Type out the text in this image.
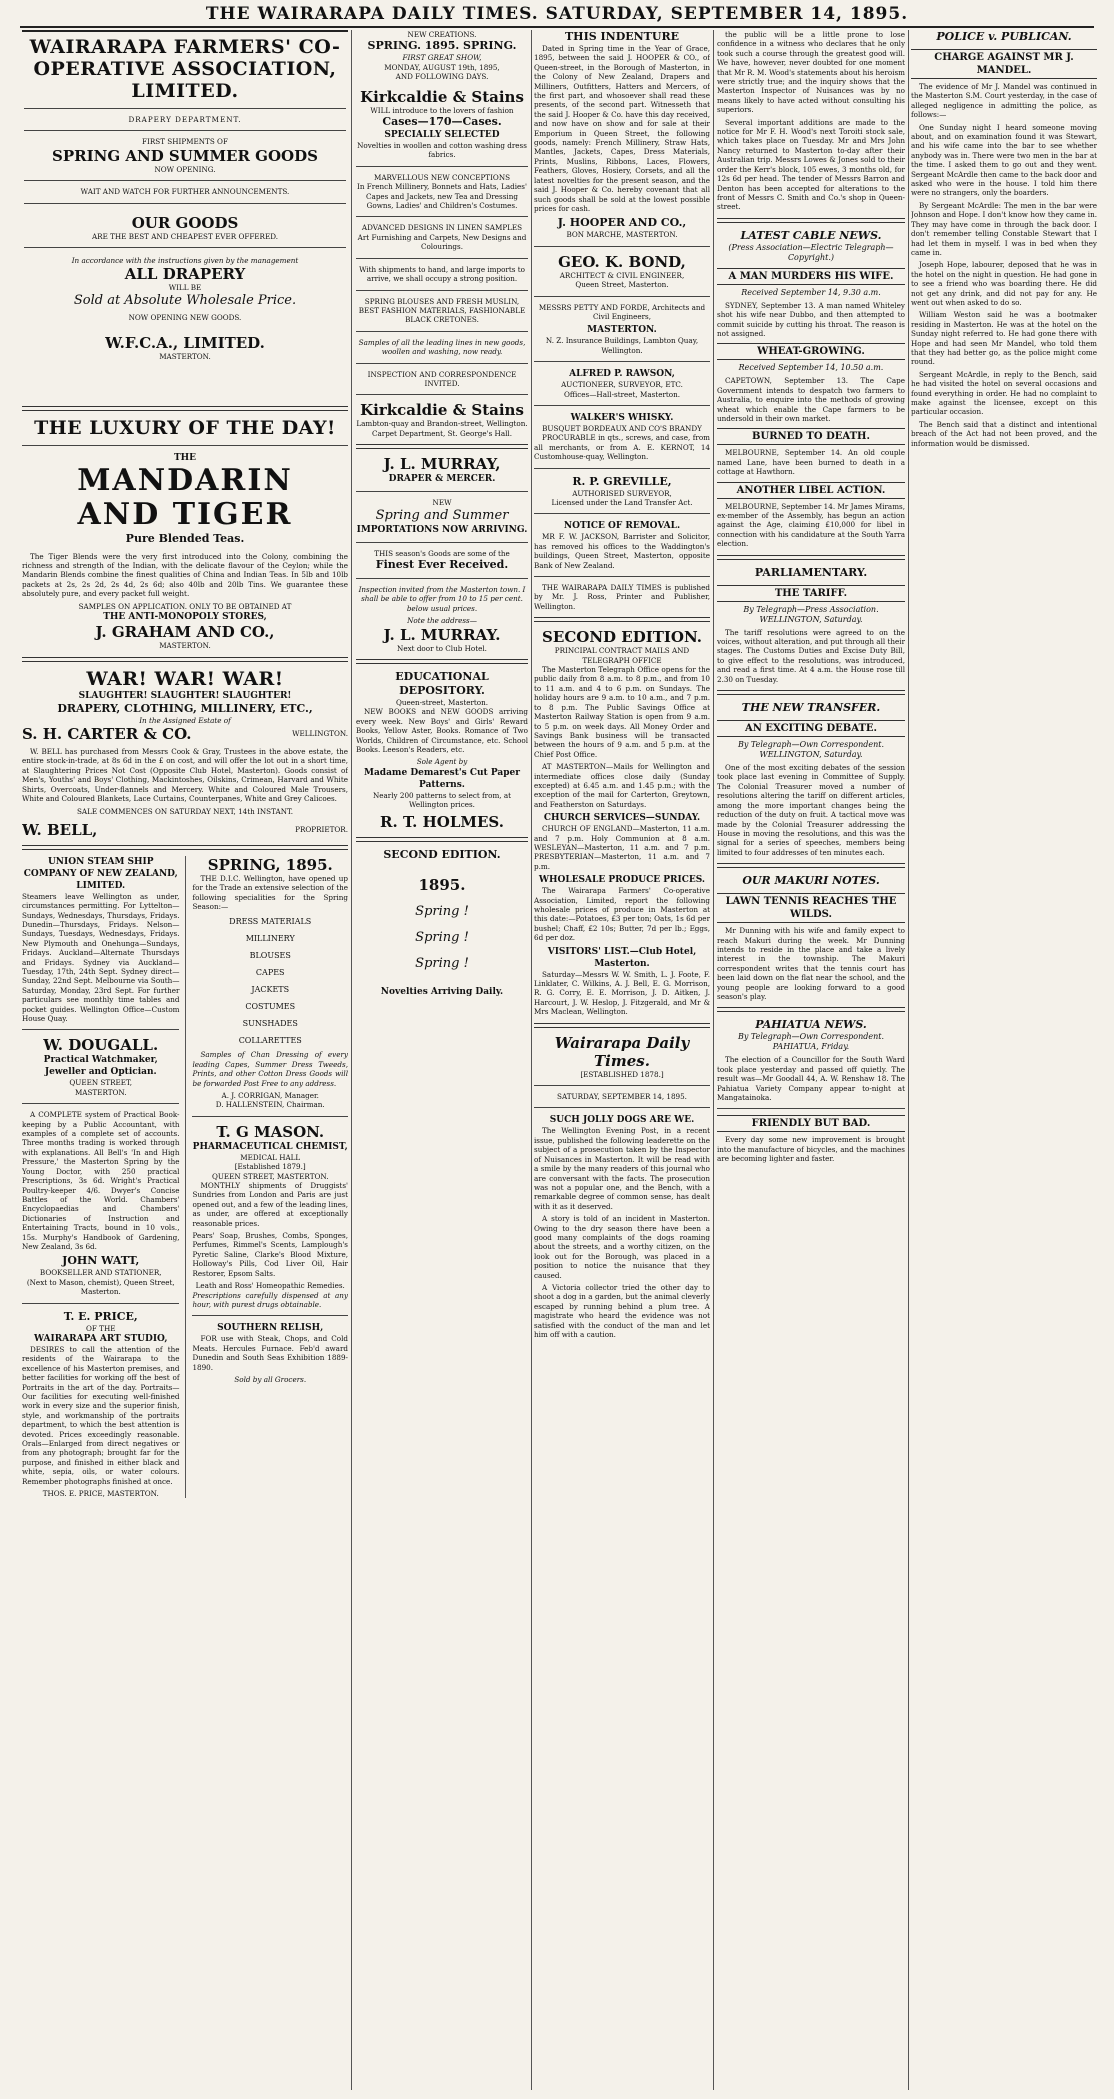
THE WAIRARAPA DAILY TIMES. SATURDAY, SEPTEMBER 14, 1895.
WAIRARAPA FARMERS' CO-OPERATIVE ASSOCIATION, LIMITED.
DRAPERY DEPARTMENT.
FIRST SHIPMENTS OF
SPRING AND SUMMER GOODS
NOW OPENING.
WAIT AND WATCH FOR FURTHER ANNOUNCEMENTS.
OUR GOODS
ARE THE BEST AND CHEAPEST EVER OFFERED.
In accordance with the instructions given by the management
ALL DRAPERY
WILL BE
Sold at Absolute Wholesale Price.
NOW OPENING NEW GOODS.
W.F.C.A., LIMITED.
MASTERTON.
THE LUXURY OF THE DAY!
THE
MANDARIN
AND TIGER
Pure Blended Teas.

The Tiger Blends were the very first introduced into the Colony, combining the richness and strength of the Indian, with the delicate flavour of the Ceylon; while the Mandarin Blends combine the finest qualities of China and Indian Teas. In 5lb and 10lb packets at 2s, 2s 2d, 2s 4d, 2s 6d; also 40lb and 20lb Tins. We guarantee these absolutely pure, and every packet full weight.

SAMPLES ON APPLICATION. ONLY TO BE OBTAINED AT
THE ANTI-MONOPOLY STORES,
J. GRAHAM AND CO.,
MASTERTON.
WAR! WAR! WAR!
SLAUGHTER! SLAUGHTER! SLAUGHTER!
DRAPERY, CLOTHING, MILLINERY, ETC.,
In the Assigned Estate of
S. H. CARTER & CO.	WELLINGTON.

W. BELL has purchased from Messrs Cook & Gray, Trustees in the above estate, the entire stock-in-trade, at 8s 6d in the £ on cost, and will offer the lot out in a short time, at Slaughtering Prices Not Cost (Opposite Club Hotel, Masterton). Goods consist of Men's, Youths' and Boys' Clothing, Mackintoshes, Oilskins, Crimean, Harvard and White Shirts, Overcoats, Under-flannels and Mercery. White and Coloured Male Trousers, White and Coloured Blankets, Lace Curtains, Counterpanes, White and Grey Calicoes.

SALE COMMENCES ON SATURDAY NEXT, 14th INSTANT.
W. BELL,	PROPRIETOR.
UNION STEAM SHIP COMPANY OF NEW ZEALAND, LIMITED.

Steamers leave Wellington as under, circumstances permitting. For Lyttelton—Sundays, Wednesdays, Thursdays, Fridays. Dunedin—Thursdays, Fridays. Nelson—Sundays, Tuesdays, Wednesdays, Fridays. New Plymouth and Onehunga—Sundays, Fridays. Auckland—Alternate Thursdays and Fridays. Sydney via Auckland—Tuesday, 17th, 24th Sept. Sydney direct—Sunday, 22nd Sept. Melbourne via South—Saturday, Monday, 23rd Sept. For further particulars see monthly time tables and pocket guides. Wellington Office—Custom House Quay.

W. DOUGALL.
Practical Watchmaker, Jeweller and Optician.
QUEEN STREET,
MASTERTON.

A COMPLETE system of Practical Book-keeping by a Public Accountant, with examples of a complete set of accounts. Three months trading is worked through with explanations. All Bell's 'In and High Pressure,' the Masterton Spring by the Young Doctor, with 250 practical Prescriptions, 3s 6d. Wright's Practical Poultry-keeper 4/6. Dwyer's Concise Battles of the World. Chambers' Encyclopaedias and Chambers' Dictionaries of Instruction and Entertaining Tracts, bound in 10 vols., 15s. Murphy's Handbook of Gardening, New Zealand, 3s 6d.

JOHN WATT,
BOOKSELLER AND STATIONER,
(Next to Mason, chemist), Queen Street, Masterton.
T. E. PRICE,
OF THE
WAIRARAPA ART STUDIO,

DESIRES to call the attention of the residents of the Wairarapa to the excellence of his Masterton premises, and better facilities for working off the best of Portraits in the art of the day. Portraits—Our facilities for executing well-finished work in every size and the superior finish, style, and workmanship of the portraits department, to which the best attention is devoted. Prices exceedingly reasonable. Orals—Enlarged from direct negatives or from any photograph; brought far for the purpose, and finished in either black and white, sepia, oils, or water colours. Remember photographs finished at once.

THOS. E. PRICE, MASTERTON.
SPRING, 1895.

THE D.I.C. Wellington, have opened up for the Trade an extensive selection of the following specialities for the Spring Season:—

DRESS MATERIALS
MILLINERY
BLOUSES
CAPES
JACKETS
COSTUMES
SUNSHADES
COLLARETTES

Samples of Chan Dressing of every leading Capes, Summer Dress Tweeds, Prints, and other Cotton Dress Goods will be forwarded Post Free to any address.

A. J. CORRIGAN, Manager.
D. HALLENSTEIN, Chairman.
T. G MASON.
PHARMACEUTICAL CHEMIST,
MEDICAL HALL
[Established 1879.]
QUEEN STREET, MASTERTON.

MONTHLY shipments of Druggists' Sundries from London and Paris are just opened out, and a few of the leading lines, as under, are offered at exceptionally reasonable prices.

Pears' Soap, Brushes, Combs, Sponges, Perfumes, Rimmel's Scents, Lamplough's Pyretic Saline, Clarke's Blood Mixture, Holloway's Pills, Cod Liver Oil, Hair Restorer, Epsom Salts.

Leath and Ross' Homeopathic Remedies.

Prescriptions carefully dispensed at any hour, with purest drugs obtainable.

SOUTHERN RELISH,

FOR use with Steak, Chops, and Cold Meats. Hercules Furnace. Feb'd award Dunedin and South Seas Exhibition 1889-1890.

Sold by all Grocers.
NEW CREATIONS.
SPRING. 1895. SPRING.
FIRST GREAT SHOW,
MONDAY, AUGUST 19th, 1895,
AND FOLLOWING DAYS.
Kirkcaldie & Stains
WILL introduce to the lovers of fashion
Cases—170—Cases.
SPECIALLY SELECTED

Novelties in woollen and cotton washing dress fabrics.

MARVELLOUS NEW CONCEPTIONS

In French Millinery, Bonnets and Hats, Ladies' Capes and Jackets, new Tea and Dressing Gowns, Ladies' and Children's Costumes.

ADVANCED DESIGNS IN LINEN SAMPLES

Art Furnishing and Carpets, New Designs and Colourings.

With shipments to hand, and large imports to arrive, we shall occupy a strong position.

SPRING BLOUSES AND FRESH MUSLIN, BEST FASHION MATERIALS, FASHIONABLE BLACK CRETONES.

Samples of all the leading lines in new goods, woollen and washing, now ready.

INSPECTION AND CORRESPONDENCE INVITED.
Kirkcaldie & Stains

Lambton-quay and Brandon-street, Wellington. Carpet Department, St. George's Hall.

J. L. MURRAY,
DRAPER & MERCER.
NEW
Spring and Summer
IMPORTATIONS NOW ARRIVING.
THIS season's Goods are some of the
Finest Ever Received.

Inspection invited from the Masterton town. I shall be able to offer from 10 to 15 per cent. below usual prices.

Note the address—
J. L. MURRAY.
Next door to Club Hotel.
EDUCATIONAL DEPOSITORY.
Queen-street, Masterton.

NEW BOOKS and NEW GOODS arriving every week. New Boys' and Girls' Reward Books, Yellow Aster, Books. Romance of Two Worlds, Children of Circumstance, etc. School Books. Leeson's Readers, etc.

Sole Agent by
Madame Demarest's Cut Paper Patterns.

Nearly 200 patterns to select from, at Wellington prices.

R. T. HOLMES.
SECOND EDITION.
1895.
Spring !
Spring !
Spring !
Novelties Arriving Daily.
THIS INDENTURE

Dated in Spring time in the Year of Grace, 1895, between the said J. HOOPER & CO., of Queen-street, in the Borough of Masterton, in the Colony of New Zealand, Drapers and Milliners, Outfitters, Hatters and Mercers, of the first part, and whosoever shall read these presents, of the second part. Witnesseth that the said J. Hooper & Co. have this day received, and now have on show and for sale at their Emporium in Queen Street, the following goods, namely: French Millinery, Straw Hats, Mantles, Jackets, Capes, Dress Materials, Prints, Muslins, Ribbons, Laces, Flowers, Feathers, Gloves, Hosiery, Corsets, and all the latest novelties for the present season, and the said J. Hooper & Co. hereby covenant that all such goods shall be sold at the lowest possible prices for cash.

J. HOOPER AND CO.,
BON MARCHE, MASTERTON.
GEO. K. BOND,
ARCHITECT & CIVIL ENGINEER,
Queen Street, Masterton.

MESSRS PETTY AND FORDE, Architects and Civil Engineers,

MASTERTON.
N. Z. Insurance Buildings, Lambton Quay, Wellington.
ALFRED P. RAWSON,
AUCTIONEER, SURVEYOR, ETC.
Offices—Hall-street, Masterton.
WALKER'S WHISKY.
BUSQUET BORDEAUX AND CO'S BRANDY

PROCURABLE in qts., screws, and case, from all merchants, or from A. E. KERNOT, 14 Customhouse-quay, Wellington.

R. P. GREVILLE,
AUTHORISED SURVEYOR,
Licensed under the Land Transfer Act.
NOTICE OF REMOVAL.

MR F. W. JACKSON, Barrister and Solicitor, has removed his offices to the Waddington's buildings, Queen Street, Masterton, opposite Bank of New Zealand.

THE WAIRARAPA DAILY TIMES is published by Mr. J. Ross, Printer and Publisher, Wellington.

SECOND EDITION.
PRINCIPAL CONTRACT MAILS AND TELEGRAPH OFFICE

The Masterton Telegraph Office opens for the public daily from 8 a.m. to 8 p.m., and from 10 to 11 a.m. and 4 to 6 p.m. on Sundays. The holiday hours are 9 a.m. to 10 a.m., and 7 p.m. to 8 p.m. The Public Savings Office at Masterton Railway Station is open from 9 a.m. to 5 p.m. on week days. All Money Order and Savings Bank business will be transacted between the hours of 9 a.m. and 5 p.m. at the Chief Post Office.

AT MASTERTON—Mails for Wellington and intermediate offices close daily (Sunday excepted) at 6.45 a.m. and 1.45 p.m.; with the exception of the mail for Carterton, Greytown, and Featherston on Saturdays.

CHURCH SERVICES—SUNDAY.

CHURCH OF ENGLAND—Masterton, 11 a.m. and 7 p.m. Holy Communion at 8 a.m. WESLEYAN—Masterton, 11 a.m. and 7 p.m. PRESBYTERIAN—Masterton, 11 a.m. and 7 p.m.

WHOLESALE PRODUCE PRICES.

The Wairarapa Farmers' Co-operative Association, Limited, report the following wholesale prices of produce in Masterton at this date:—Potatoes, £3 per ton; Oats, 1s 6d per bushel; Chaff, £2 10s; Butter, 7d per lb.; Eggs, 6d per doz.

VISITORS' LIST.—Club Hotel, Masterton.

Saturday—Messrs W. W. Smith, L. J. Foote, F. Linklater, C. Wilkins, A. J. Bell, E. G. Morrison, R. G. Corry, E. E. Morrison, J. D. Aitken, J. Harcourt, J. W. Heslop, J. Fitzgerald, and Mr & Mrs Maclean, Wellington.

Wairarapa Daily Times.
[ESTABLISHED 1878.]
SATURDAY, SEPTEMBER 14, 1895.
SUCH JOLLY DOGS ARE WE.

The Wellington Evening Post, in a recent issue, published the following leaderette on the subject of a prosecution taken by the Inspector of Nuisances in Masterton. It will be read with a smile by the many readers of this journal who are conversant with the facts. The prosecution was not a popular one, and the Bench, with a remarkable degree of common sense, has dealt with it as it deserved.

A story is told of an incident in Masterton. Owing to the dry season there have been a good many complaints of the dogs roaming about the streets, and a worthy citizen, on the look out for the Borough, was placed in a position to notice the nuisance that they caused.

A Victoria collector tried the other day to shoot a dog in a garden, but the animal cleverly escaped by running behind a plum tree. A magistrate who heard the evidence was not satisfied with the conduct of the man and let him off with a caution.

the public will be a little prone to lose confidence in a witness who declares that he only took such a course through the greatest good will. We have, however, never doubted for one moment that Mr R. M. Wood's statements about his heroism were strictly true; and the inquiry shows that the Masterton Inspector of Nuisances was by no means likely to have acted without consulting his superiors.

Several important additions are made to the notice for Mr F. H. Wood's next Toroiti stock sale, which takes place on Tuesday. Mr and Mrs John Nancy returned to Masterton to-day after their Australian trip. Messrs Lowes & Jones sold to their order the Kerr's block, 105 ewes, 3 months old, for 12s 6d per head. The tender of Messrs Barron and Denton has been accepted for alterations to the front of Messrs C. Smith and Co.'s shop in Queen-street.

LATEST CABLE NEWS.
(Press Association—Electric Telegraph—Copyright.)
A MAN MURDERS HIS WIFE.
Received September 14, 9.30 a.m.

SYDNEY, September 13. A man named Whiteley shot his wife near Dubbo, and then attempted to commit suicide by cutting his throat. The reason is not assigned.

WHEAT-GROWING.
Received September 14, 10.50 a.m.

CAPETOWN, September 13. The Cape Government intends to despatch two farmers to Australia, to enquire into the methods of growing wheat which enable the Cape farmers to be undersold in their own market.

BURNED TO DEATH.

MELBOURNE, September 14. An old couple named Lane, have been burned to death in a cottage at Hawthorn.

ANOTHER LIBEL ACTION.

MELBOURNE, September 14. Mr James Mirams, ex-member of the Assembly, has begun an action against the Age, claiming £10,000 for libel in connection with his candidature at the South Yarra election.

PARLIAMENTARY.
THE TARIFF.
By Telegraph—Press Association. WELLINGTON, Saturday.

The tariff resolutions were agreed to on the voices, without alteration, and put through all their stages. The Customs Duties and Excise Duty Bill, to give effect to the resolutions, was introduced, and read a first time. At 4 a.m. the House rose till 2.30 on Tuesday.

THE NEW TRANSFER.
AN EXCITING DEBATE.
By Telegraph—Own Correspondent. WELLINGTON, Saturday.

One of the most exciting debates of the session took place last evening in Committee of Supply. The Colonial Treasurer moved a number of resolutions altering the tariff on different articles, among the more important changes being the reduction of the duty on fruit. A tactical move was made by the Colonial Treasurer addressing the House in moving the resolutions, and this was the signal for a series of speeches, members being limited to four addresses of ten minutes each.

OUR MAKURI NOTES.
LAWN TENNIS REACHES THE WILDS.

Mr Dunning with his wife and family expect to reach Makuri during the week. Mr Dunning intends to reside in the place and take a lively interest in the township. The Makuri correspondent writes that the tennis court has been laid down on the flat near the school, and the young people are looking forward to a good season's play.

PAHIATUA NEWS.
By Telegraph—Own Correspondent. PAHIATUA, Friday.

The election of a Councillor for the South Ward took place yesterday and passed off quietly. The result was—Mr Goodall 44, A. W. Renshaw 18. The Pahiatua Variety Company appear to-night at Mangatainoka.

FRIENDLY BUT BAD.

Every day some new improvement is brought into the manufacture of bicycles, and the machines are becoming lighter and faster.

POLICE v. PUBLICAN.
CHARGE AGAINST MR J. MANDEL.

The evidence of Mr J. Mandel was continued in the Masterton S.M. Court yesterday, in the case of alleged negligence in admitting the police, as follows:—

One Sunday night I heard someone moving about, and on examination found it was Stewart, and his wife came into the bar to see whether anybody was in. There were two men in the bar at the time. I asked them to go out and they went. Sergeant McArdle then came to the back door and asked who were in the house. I told him there were no strangers, only the boarders.

By Sergeant McArdle: The men in the bar were Johnson and Hope. I don't know how they came in. They may have come in through the back door. I don't remember telling Constable Stewart that I had let them in myself. I was in bed when they came in.

Joseph Hope, labourer, deposed that he was in the hotel on the night in question. He had gone in to see a friend who was boarding there. He did not get any drink, and did not pay for any. He went out when asked to do so.

William Weston said he was a bootmaker residing in Masterton. He was at the hotel on the Sunday night referred to. He had gone there with Hope and had seen Mr Mandel, who told them that they had better go, as the police might come round.

Sergeant McArdle, in reply to the Bench, said he had visited the hotel on several occasions and found everything in order. He had no complaint to make against the licensee, except on this particular occasion.

The Bench said that a distinct and intentional breach of the Act had not been proved, and the information would be dismissed.
